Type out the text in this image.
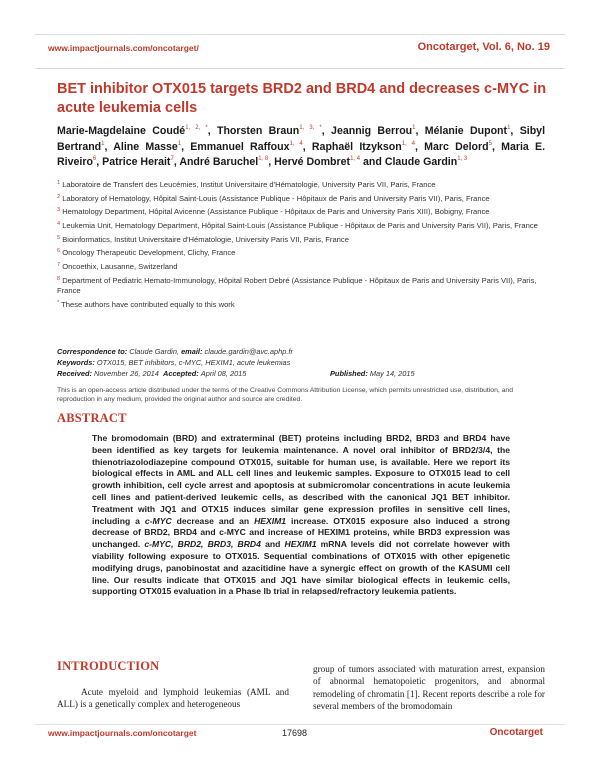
www.impactjournals.com/oncotarget/	Oncotarget, Vol. 6, No. 19
BET inhibitor OTX015 targets BRD2 and BRD4 and decreases c-MYC in acute leukemia cells
Marie-Magdelaine Coudé$^{1, 2, *}$, Thorsten Braun$^{1, 3, *}$, Jeannig Berrou$^1$, Mélanie Dupont$^1$, Sibyl Bertrand$^1$, Aline Masse$^1$, Emmanuel Raffoux$^{1, 4}$, Raphaël Itzykson$^{1, 4}$, Marc Delord$^5$, Maria E. Riveiro$^6$, Patrice Herait$^7$, André Baruchel$^{1, 8}$, Hervé Dombret$^{1, 4}$ and Claude Gardin$^{1, 3}$
$^1$ Laboratoire de Transfert des Leucémies, Institut Universitaire d'Hématologie, University Paris VII, Paris, France
$^2$ Laboratory of Hematology, Hôpital Saint-Louis (Assistance Publique - Hôpitaux de Paris and University Paris VII), Paris, France
$^3$ Hematology Department, Hôpital Avicenne (Assistance Publique - Hôpitaux de Paris and University Paris XIII), Bobigny, France
$^4$ Leukemia Unit, Hematology Department, Hôpital Saint-Louis (Assistance Publique - Hôpitaux de Paris and University Paris VII), Paris, France
$^5$ Bioinformatics, Institut Universitaire d'Hématologie, University Paris VII, Paris, France
$^6$ Oncology Therapeutic Development, Clichy, France
$^7$ Oncoethix, Lausanne, Switzerland
$^8$ Department of Pediatric Hemato-Immunology, Hôpital Robert Debré (Assistance Publique - Hôpitaux de Paris and University Paris VII), Paris, France
* These authors have contributed equally to this work
Correspondence to: Claude Gardin, email: claude.gardin@avc.aphp.fr
Keywords: OTX015, BET inhibitors, c-MYC, HEXIM1, acute leukemias
Received: November 26, 2014 Accepted: April 08, 2015	Published: May 14, 2015
This is an open-access article distributed under the terms of the Creative Commons Attribution License, which permits unrestricted use, distribution, and reproduction in any medium, provided the original author and source are credited.
ABSTRACT

The bromodomain (BRD) and extraterminal (BET) proteins including BRD2, BRD3 and BRD4 have been identified as key targets for leukemia maintenance. A novel oral inhibitor of BRD2/3/4, the thienotriazolodiazepine compound OTX015, suitable for human use, is available. Here we report its biological effects in AML and ALL cell lines and leukemic samples. Exposure to OTX015 lead to cell growth inhibition, cell cycle arrest and apoptosis at submicromolar concentrations in acute leukemia cell lines and patient-derived leukemic cells, as described with the canonical JQ1 BET inhibitor. Treatment with JQ1 and OTX15 induces similar gene expression profiles in sensitive cell lines, including a c-MYC decrease and an HEXIM1 increase. OTX015 exposure also induced a strong decrease of BRD2, BRD4 and c-MYC and increase of HEXIM1 proteins, while BRD3 expression was unchanged. c-MYC, BRD2, BRD3, BRD4 and HEXIM1 mRNA levels did not correlate however with viability following exposure to OTX015. Sequential combinations of OTX015 with other epigenetic modifying drugs, panobinostat and azacitidine have a synergic effect on growth of the KASUMI cell line. Our results indicate that OTX015 and JQ1 have similar biological effects in leukemic cells, supporting OTX015 evaluation in a Phase Ib trial in relapsed/refractory leukemia patients.

INTRODUCTION

Acute myeloid and lymphoid leukemias (AML and ALL) is a genetically complex and heterogeneous

group of tumors associated with maturation arrest, expansion of abnormal hematopoietic progenitors, and abnormal remodeling of chromatin [1]. Recent reports describe a role for several members of the bromodomain

www.impactjournals.com/oncotarget	17698	Oncotarget
